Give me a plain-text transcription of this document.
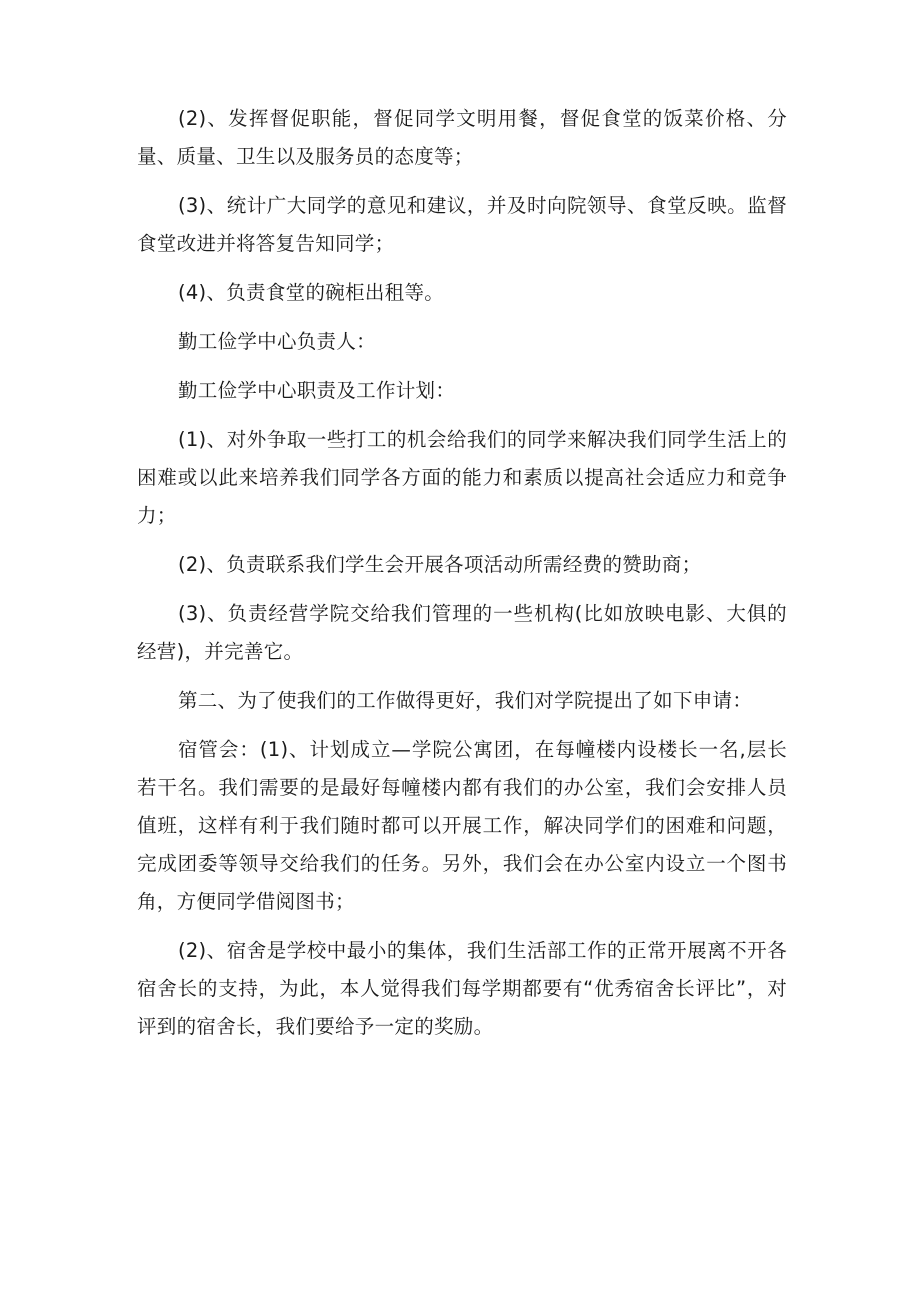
(2)、发挥督促职能，督促同学文明用餐，督促食堂的饭菜价格、分量、质量、卫生以及服务员的态度等；

(3)、统计广大同学的意见和建议，并及时向院领导、食堂反映。监督食堂改进并将答复告知同学；

(4)、负责食堂的碗柜出租等。

勤工俭学中心负责人：

勤工俭学中心职责及工作计划：

(1)、对外争取一些打工的机会给我们的同学来解决我们同学生活上的困难或以此来培养我们同学各方面的能力和素质以提高社会适应力和竞争力；

(2)、负责联系我们学生会开展各项活动所需经费的赞助商；

(3)、负责经营学院交给我们管理的一些机构(比如放映电影、大俱的经营)，并完善它。

第二、为了使我们的工作做得更好，我们对学院提出了如下申请：

宿管会：(1)、计划成立—学院公寓团，在每幢楼内设楼长一名,层长若干名。我们需要的是最好每幢楼内都有我们的办公室，我们会安排人员值班，这样有利于我们随时都可以开展工作，解决同学们的困难和问题，完成团委等领导交给我们的任务。另外，我们会在办公室内设立一个图书角，方便同学借阅图书；

(2)、宿舍是学校中最小的集体，我们生活部工作的正常开展离不开各宿舍长的支持，为此，本人觉得我们每学期都要有“优秀宿舍长评比”，对评到的宿舍长，我们要给予一定的奖励。
